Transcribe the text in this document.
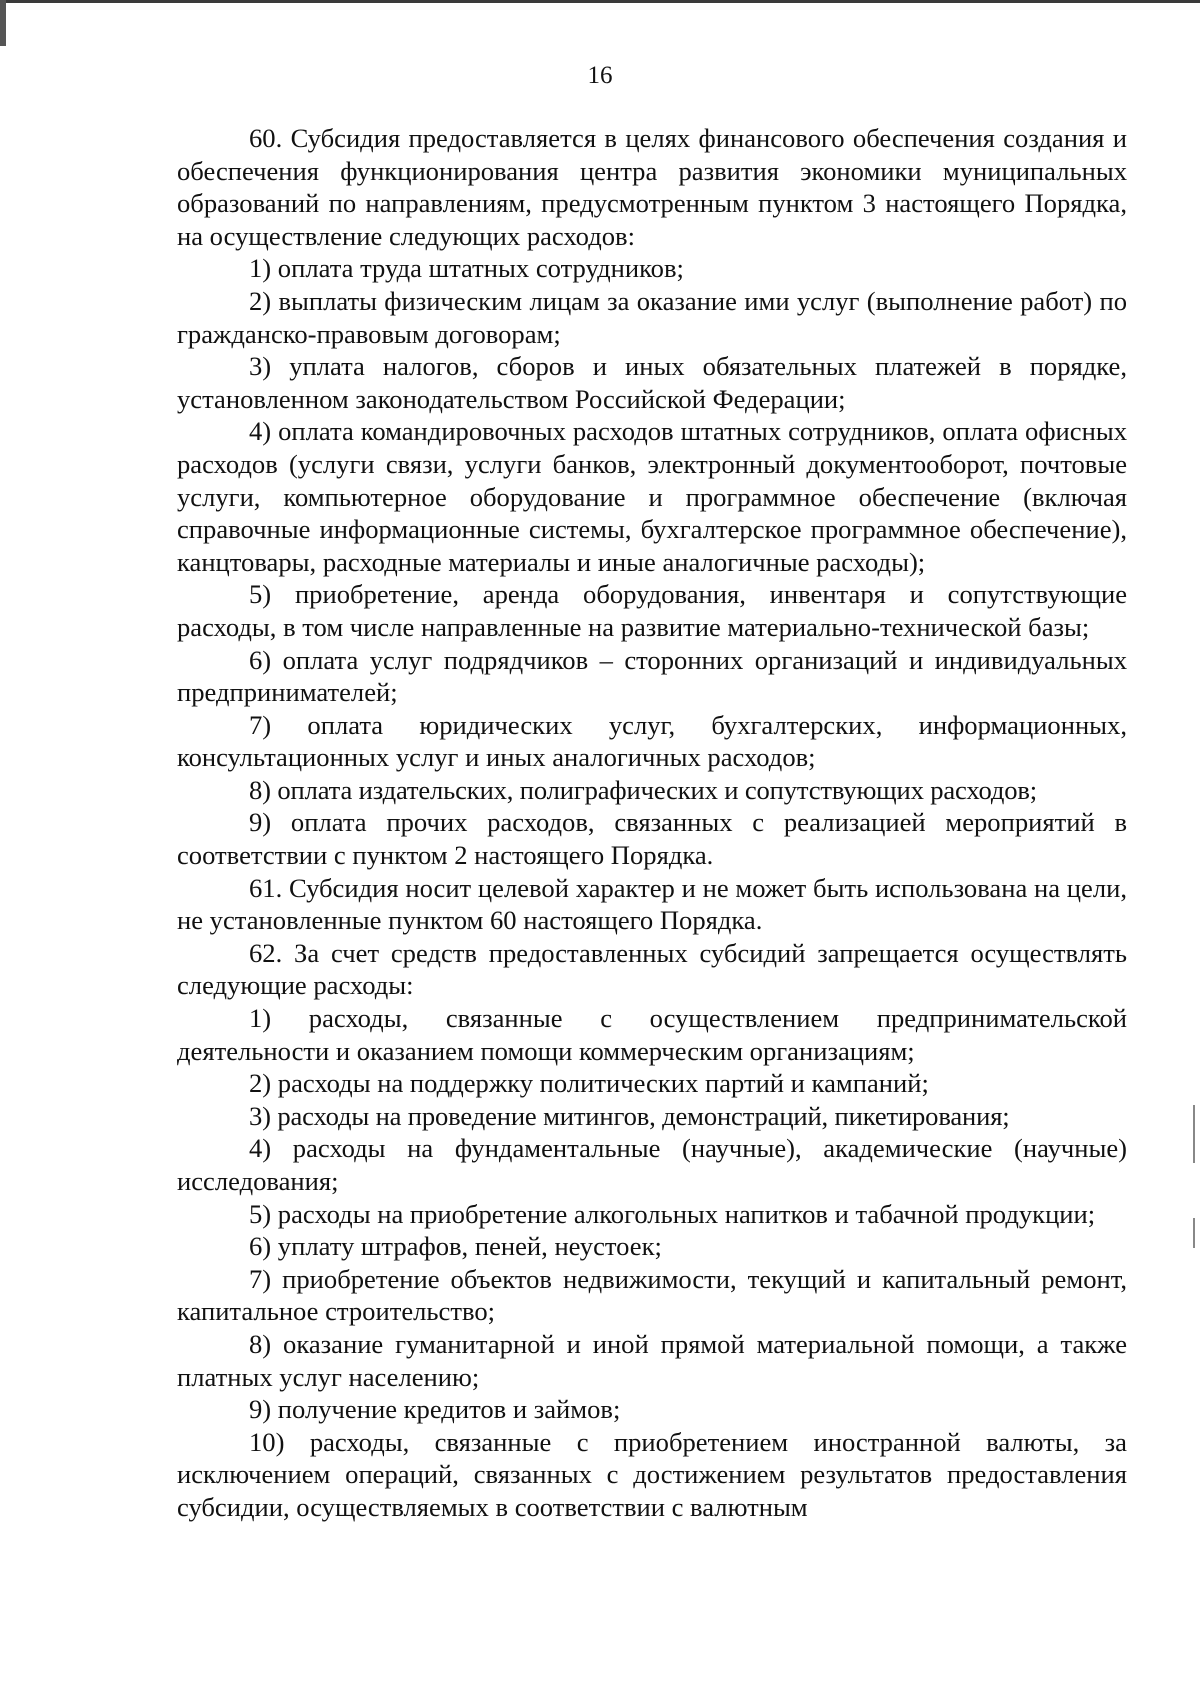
16

60. Субсидия предоставляется в целях финансового обеспечения создания и обеспечения функционирования центра развития экономики муниципальных образований по направлениям, предусмотренным пунктом 3 настоящего Порядка, на осуществление следующих расходов:

1) оплата труда штатных сотрудников;

2) выплаты физическим лицам за оказание ими услуг (выполнение работ) по гражданско-правовым договорам;

3) уплата налогов, сборов и иных обязательных платежей в порядке, установленном законодательством Российской Федерации;

4) оплата командировочных расходов штатных сотрудников, оплата офисных расходов (услуги связи, услуги банков, электронный документооборот, почтовые услуги, компьютерное оборудование и программное обеспечение (включая справочные информационные системы, бухгалтерское программное обеспечение), канцтовары, расходные материалы и иные аналогичные расходы);

5) приобретение, аренда оборудования, инвентаря и сопутствующие расходы, в том числе направленные на развитие материально-технической базы;

6) оплата услуг подрядчиков – сторонних организаций и индивидуальных предпринимателей;

7) оплата юридических услуг, бухгалтерских, информационных, консультационных услуг и иных аналогичных расходов;

8) оплата издательских, полиграфических и сопутствующих расходов;

9) оплата прочих расходов, связанных с реализацией мероприятий в соответствии с пунктом 2 настоящего Порядка.

61. Субсидия носит целевой характер и не может быть использована на цели, не установленные пунктом 60 настоящего Порядка.

62. За счет средств предоставленных субсидий запрещается осуществлять следующие расходы:

1) расходы, связанные с осуществлением предпринимательской деятельности и оказанием помощи коммерческим организациям;

2) расходы на поддержку политических партий и кампаний;

3) расходы на проведение митингов, демонстраций, пикетирования;

4) расходы на фундаментальные (научные), академические (научные) исследования;

5) расходы на приобретение алкогольных напитков и табачной продукции;

6) уплату штрафов, пеней, неустоек;

7) приобретение объектов недвижимости, текущий и капитальный ремонт, капитальное строительство;

8) оказание гуманитарной и иной прямой материальной помощи, а также платных услуг населению;

9) получение кредитов и займов;

10) расходы, связанные с приобретением иностранной валюты, за исключением операций, связанных с достижением результатов предоставления субсидии, осуществляемых в соответствии с валютным
